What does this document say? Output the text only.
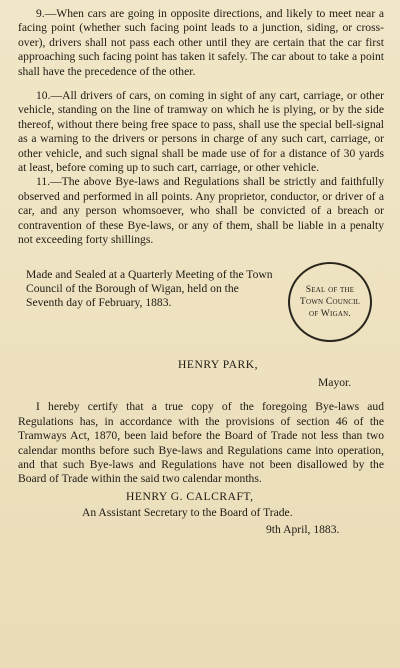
9.—When cars are going in opposite directions, and likely to meet near a facing point (whether such facing point leads to a junction, siding, or cross-over), drivers shall not pass each other until they are certain that the car first approaching such facing point has taken it safely. The car about to take a point shall have the precedence of the other.

10.—All drivers of cars, on coming in sight of any cart, carriage, or other vehicle, standing on the line of tramway on which he is plying, or by the side thereof, without there being free space to pass, shall use the special bell-signal as a warning to the drivers or persons in charge of any such cart, carriage, or other vehicle, and such signal shall be made use of for a distance of 30 yards at least, before coming up to such cart, carriage, or other vehicle.

11.—The above Bye-laws and Regulations shall be strictly and faithfully observed and performed in all points. Any proprietor, conductor, or driver of a car, and any person whomsoever, who shall be convicted of a breach or contravention of these Bye-laws, or any of them, shall be liable in a penalty not exceeding forty shillings.

Made and Sealed at a Quarterly Meeting of the Town Council of the Borough of Wigan, held on the Seventh day of February, 1883.

Seal of the
Town Council
of Wigan.

HENRY PARK,

Mayor.

I hereby certify that a true copy of the foregoing Bye-laws aud Regulations has, in accordance with the provisions of section 46 of the Tramways Act, 1870, been laid before the Board of Trade not less than two calendar months before such Bye-laws and Regulations came into operation, and that such Bye-laws and Regulations have not been disallowed by the Board of Trade within the said two calendar months.

HENRY G. CALCRAFT,

An Assistant Secretary to the Board of Trade.

9th April, 1883.
